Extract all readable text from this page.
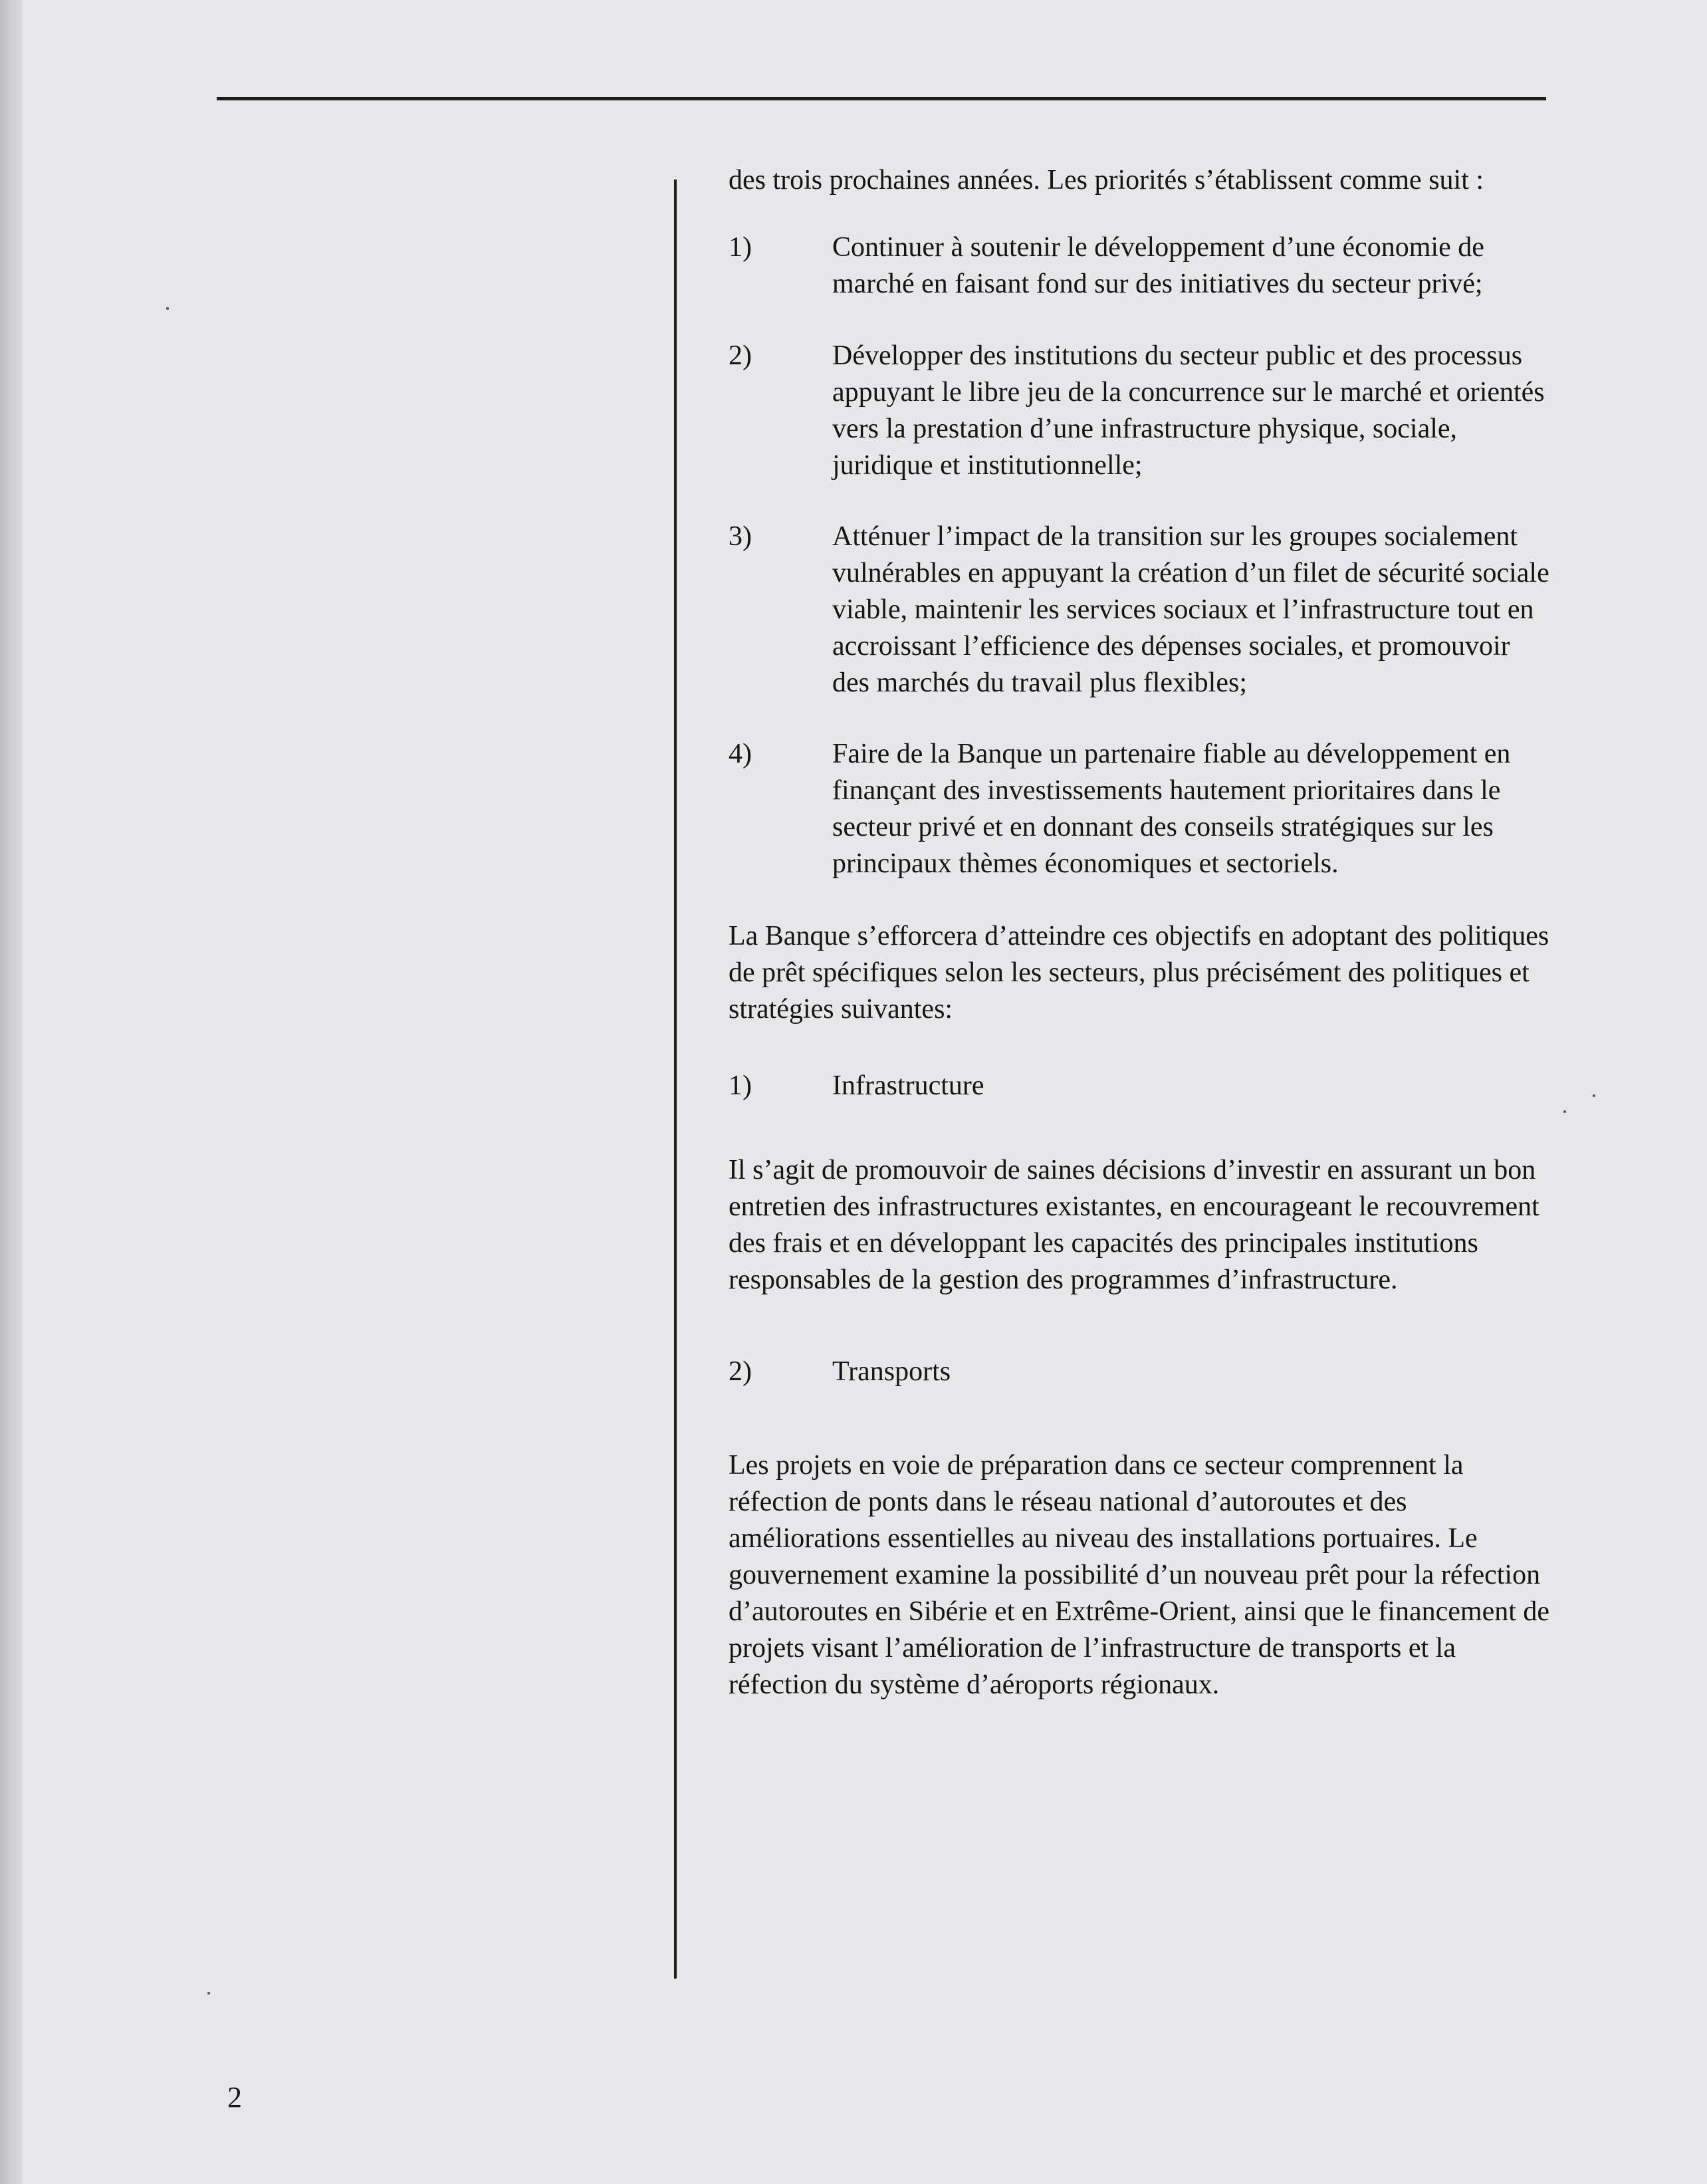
des trois prochaines années. Les priorités s’établissent comme suit :

1)	Continuer à soutenir le développement d’une économie de marché en faisant fond sur des initiatives du secteur privé;
2)	Développer des institutions du secteur public et des processus appuyant le libre jeu de la concurrence sur le marché et orientés vers la prestation d’une infrastructure physique, sociale, juridique et institutionnelle;
3)	Atténuer l’impact de la transition sur les groupes socialement vulnérables en appuyant la création d’un filet de sécurité sociale viable, maintenir les services sociaux et l’infrastructure tout en accroissant l’efficience des dépenses sociales, et promouvoir des marchés du travail plus flexibles;
4)	Faire de la Banque un partenaire fiable au développement en finançant des investissements hautement prioritaires dans le secteur privé et en donnant des conseils stratégiques sur les principaux thèmes économiques et sectoriels.

La Banque s’efforcera d’atteindre ces objectifs en adoptant des politiques de prêt spécifiques selon les secteurs, plus précisément des politiques et stratégies suivantes:

1)	Infrastructure

Il s’agit de promouvoir de saines décisions d’investir en assurant un bon entretien des infrastructures existantes, en encourageant le recouvrement des frais et en développant les capacités des principales institutions responsables de la gestion des programmes d’infrastructure.

2)	Transports

Les projets en voie de préparation dans ce secteur comprennent la réfection de ponts dans le réseau national d’autoroutes et des améliorations essentielles au niveau des installations portuaires. Le gouvernement examine la possibilité d’un nouveau prêt pour la réfection d’autoroutes en Sibérie et en Extrême-Orient, ainsi que le financement de projets visant l’amélioration de l’infrastructure de transports et la réfection du système d’aéroports régionaux.

2
